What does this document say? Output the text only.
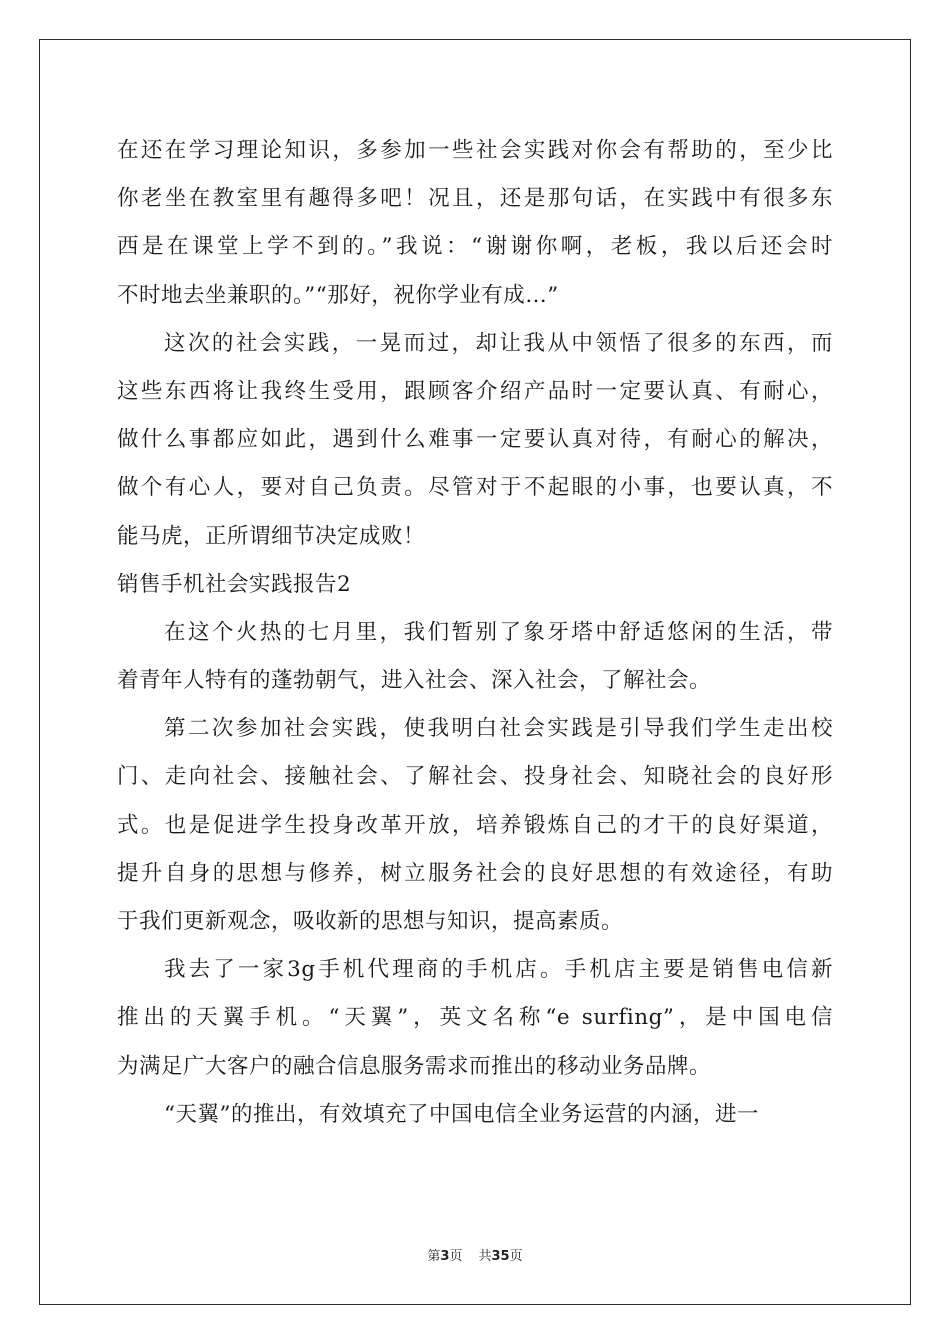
在还在学习理论知识，多参加一些社会实践对你会有帮助的，至少比
你老坐在教室里有趣得多吧！况且，还是那句话，在实践中有很多东
西是在课堂上学不到的。”我说：“谢谢你啊，老板，我以后还会时
不时地去坐兼职的。”“那好，祝你学业有成…”
这次的社会实践，一晃而过，却让我从中领悟了很多的东西，而
这些东西将让我终生受用，跟顾客介绍产品时一定要认真、有耐心，
做什么事都应如此，遇到什么难事一定要认真对待，有耐心的解决，
做个有心人，要对自己负责。尽管对于不起眼的小事，也要认真，不
能马虎，正所谓细节决定成败！
销售手机社会实践报告2
在这个火热的七月里，我们暂别了象牙塔中舒适悠闲的生活，带
着青年人特有的蓬勃朝气，进入社会、深入社会，了解社会。
第二次参加社会实践，使我明白社会实践是引导我们学生走出校
门、走向社会、接触社会、了解社会、投身社会、知晓社会的良好形
式。也是促进学生投身改革开放，培养锻炼自己的才干的良好渠道，
提升自身的思想与修养，树立服务社会的良好思想的有效途径，有助
于我们更新观念，吸收新的思想与知识，提高素质。
我去了一家3g手机代理商的手机店。手机店主要是销售电信新
推出的天翼手机。“天翼”，英文名称“e surfing”，是中国电信
为满足广大客户的融合信息服务需求而推出的移动业务品牌。
“天翼”的推出，有效填充了中国电信全业务运营的内涵，进一
第3页 共35页
